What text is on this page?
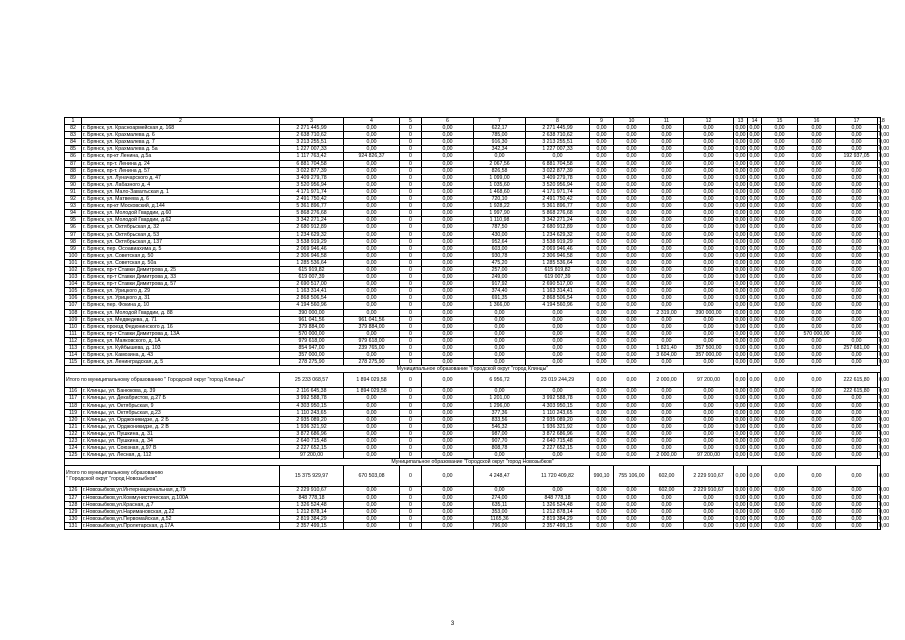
1	2	3	4	5	6	7	8	9	10	11	12	13	14	15	16	17	18
82	г. Брянск, ул. Красноармейская д. 168	2 271 445,99	0,00	0	0,00	622,17	2 271 445,99	0,00	0,00	0,00	0,00	0,00	0,00	0,00	0,00	0,00	0,00
83	г. Брянск, ул. Крахмалева д. 6	2 638 710,62	0,00	0	0,00	785,00	2 638 710,62	0,00	0,00	0,00	0,00	0,00	0,00	0,00	0,00	0,00	0,00
84	г. Брянск, ул. Крахмалева д. 7	3 213 255,51	0,00	0	0,00	916,30	3 213 255,51	0,00	0,00	0,00	0,00	0,00	0,00	0,00	0,00	0,00	0,00
85	г. Брянск, ул. Крахмалева д. 5а	1 227 007,33	0,00	0	0,00	342,34	1 227 007,33	0,00	0,00	0,00	0,00	0,00	0,00	0,00	0,00	0,00	0,00
86	г. Брянск, пр-кт Ленина, д.5а	1 117 763,42	924 826,37	0	0,00	0,00	0,00	0,00	0,00	0,00	0,00	0,00	0,00	0,00	0,00	192 937,05	0,00
87	г. Брянск, пр-т. Ленина д. 24	6 881 704,58	0,00	0	0,00	2 067,56	6 881 704,58	0,00	0,00	0,00	0,00	0,00	0,00	0,00	0,00	0,00	0,00
88	г. Брянск, пр-т. Ленина д. 57	3 022 877,39	0,00	0	0,00	826,58	3 022 877,39	0,00	0,00	0,00	0,00	0,00	0,00	0,00	0,00	0,00	0,00
89	г. Брянск, ул. Луначарского д. 47	3 409 279,78	0,00	0	0,00	1 099,00	3 409 279,78	0,00	0,00	0,00	0,00	0,00	0,00	0,00	0,00	0,00	0,00
90	г. Брянск, ул. Лабазного д. 4	3 520 956,94	0,00	0	0,00	1 035,60	3 520 956,94	0,00	0,00	0,00	0,00	0,00	0,00	0,00	0,00	0,00	0,00
91	г. Брянск, ул. Мало-Завалъская д. 1	4 171 971,74	0,00	0	0,00	1 468,60	4 171 971,74	0,00	0,00	0,00	0,00	0,00	0,00	0,00	0,00	0,00	0,00
92	г. Брянск, ул. Матвеева д. 6	2 491 750,42	0,00	0	0,00	720,10	2 491 750,42	0,00	0,00	0,00	0,00	0,00	0,00	0,00	0,00	0,00	0,00
93	г. Брянск, пр-кт Московский, д.144	5 361 896,77	0,00	0	0,00	1 928,22	5 361 896,77	0,00	0,00	0,00	0,00	0,00	0,00	0,00	0,00	0,00	0,00
94	г. Брянск, ул. Молодой Гвардии, д.60	5 868 276,68	0,00	0	0,00	1 997,90	5 868 276,68	0,00	0,00	0,00	0,00	0,00	0,00	0,00	0,00	0,00	0,00
95	г. Брянск, ул. Молодой Гвардии, д.62	3 342 271,24	0,00	0	0,00	1 110,98	3 342 271,24	0,00	0,00	0,00	0,00	0,00	0,00	0,00	0,00	0,00	0,00
96	г. Брянск, ул. Октябрьская д. 32	2 680 912,89	0,00	0	0,00	787,50	2 680 912,89	0,00	0,00	0,00	0,00	0,00	0,00	0,00	0,00	0,00	0,00
97	г. Брянск, ул. Октябрьская д. 53	1 234 629,32	0,00	0	0,00	430,00	1 234 629,32	0,00	0,00	0,00	0,00	0,00	0,00	0,00	0,00	0,00	0,00
98	г. Брянск, ул. Октябрьская д. 137	3 538 919,29	0,00	0	0,00	952,64	3 538 919,29	0,00	0,00	0,00	0,00	0,00	0,00	0,00	0,00	0,00	0,00
99	г. Брянск, пер. Осоавиахима д. 5	2 069 946,46	0,00	0	0,00	603,00	2 069 946,46	0,00	0,00	0,00	0,00	0,00	0,00	0,00	0,00	0,00	0,00
100	г. Брянск, ул. Советская д. 50	2 306 946,58	0,00	0	0,00	930,78	2 306 946,58	0,00	0,00	0,00	0,00	0,00	0,00	0,00	0,00	0,00	0,00
101	г. Брянск, ул. Советская д. 50а	1 285 536,64	0,00	0	0,00	475,20	1 285 536,64	0,00	0,00	0,00	0,00	0,00	0,00	0,00	0,00	0,00	0,00
102	г. Брянск, пр-т Ставки Димитрова д. 25	615 919,82	0,00	0	0,00	257,00	615 919,82	0,00	0,00	0,00	0,00	0,00	0,00	0,00	0,00	0,00	0,00
103	г. Брянск, пр-т Ставки Димитрова д. 33	619 007,39	0,00	0	0,00	249,00	619 007,39	0,00	0,00	0,00	0,00	0,00	0,00	0,00	0,00	0,00	0,00
104	г. Брянск, пр-т Ставки Димитрова д. 57	2 690 517,00	0,00	0	0,00	917,92	2 690 517,00	0,00	0,00	0,00	0,00	0,00	0,00	0,00	0,00	0,00	0,00
105	г. Брянск, ул. Урицкого д. 29	1 163 314,41	0,00	0	0,00	374,40	1 163 314,41	0,00	0,00	0,00	0,00	0,00	0,00	0,00	0,00	0,00	0,00
106	г. Брянск, ул. Урицкого д. 31	2 868 506,54	0,00	0	0,00	691,35	2 868 506,54	0,00	0,00	0,00	0,00	0,00	0,00	0,00	0,00	0,00	0,00
107	г. Брянск, пер. Фокина д. 10	4 194 560,96	0,00	0	0,00	1 366,00	4 194 560,96	0,00	0,00	0,00	0,00	0,00	0,00	0,00	0,00	0,00	0,00
108	г. Брянск, ул. Молодой Гвардии, д. 88	390 000,00	0,00	0	0,00	0,00	0,00	0,00	0,00	2 319,00	390 000,00	0,00	0,00	0,00	0,00	0,00	0,00
109	г. Брянск, ул. Медведева, д. 71	961 041,56	961 041,56	0	0,00	0,00	0,00	0,00	0,00	0,00	0,00	0,00	0,00	0,00	0,00	0,00	0,00
110	г. Брянск, проезд Федюнинского д. 16	379 884,00	379 884,00	0	0,00	0,00	0,00	0,00	0,00	0,00	0,00	0,00	0,00	0,00	0,00	0,00	0,00
111	г. Брянск, пр-т Ставки Димитрова д. 13А	570 000,00	0,00	0	0,00	0,00	0,00	0,00	0,00	0,00	0,00	0,00	0,00	0,00	570 000,00	0,00	0,00
112	г. Брянск, ул. Маяковского, д. 1А	979 618,00	979 618,00	0	0,00	0,00	0,00	0,00	0,00	0,00	0,00	0,00	0,00	0,00	0,00	0,00	0,00
113	г. Брянск, ул. Куйбышева, д. 103	854 947,00	239 765,00	0	0,00	0,00	0,00	0,00	0,00	1 821,40	357 500,00	0,00	0,00	0,00	0,00	257 681,00	0,00
114	г. Брянск, ул. Камозина, д. 43	357 000,00	0,00	0	0,00	0,00	0,00	0,00	0,00	3 604,00	357 000,00	0,00	0,00	0,00	0,00	0,00	0,00
115	г. Брянск, ул. Ленинградская, д. 5	278 275,90	278 275,90	0	0,00	0,00	0,00	0,00	0,00	0,00	0,00	0,00	0,00	0,00	0,00	0,00	0,00
Муниципальное образование "Городской округ "город Клинцы"																	
Итого по муниципальному образованию " Городской округ "город Клинцы"		25 233 068,57	1 894 029,58	0	0,00	6 956,72	23 019 244,29	0,00	0,00	2 000,00	97 200,00	0,00	0,00	0,00	0,00	222 615,80	0,00
116	г. Клинцы, ул. Банюкова, д. 39	2 116 645,38	1 894 029,58	0	0,00	0,00	0,00	0,00	0,00	0,00	0,00	0,00	0,00	0,00	0,00	222 615,80	0,00
117	г. Клинцы, ул. Декабристов, д.27 Б	3 992 588,78	0,00	0	0,00	1 201,00	3 992 588,78	0,00	0,00	0,00	0,00	0,00	0,00	0,00	0,00	0,00	0,00
118	г. Клинцы, ул. Октябрьская, 9	4 303 950,15	0,00	0	0,00	1 296,00	4 303 950,15	0,00	0,00	0,00	0,00	0,00	0,00	0,00	0,00	0,00	0,00
119	г. Клинцы, ул. Октябрьская, д.23	1 110 243,65	0,00	0	0,00	377,36	1 110 243,65	0,00	0,00	0,00	0,00	0,00	0,00	0,00	0,00	0,00	0,00
120	г. Клинцы, ул. Орджоникидзе, д. 2 Б	2 935 089,20	0,00	0	0,00	833,56	2 935 089,20	0,00	0,00	0,00	0,00	0,00	0,00	0,00	0,00	0,00	0,00
121	г. Клинцы, ул. Орджоникидзе, д. 2 В	1 936 321,92	0,00	0	0,00	546,32	1 936 321,92	0,00	0,00	0,00	0,00	0,00	0,00	0,00	0,00	0,00	0,00
122	г. Клинцы, ул. Пушкина, д. 31	3 872 686,96	0,00	0	0,00	987,00	3 872 686,96	0,00	0,00	0,00	0,00	0,00	0,00	0,00	0,00	0,00	0,00
123	г. Клинцы, ул. Пушкина, д. 34	2 640 715,48	0,00	0	0,00	907,70	2 640 715,48	0,00	0,00	0,00	0,00	0,00	0,00	0,00	0,00	0,00	0,00
124	г. Клинцы, ул. Союзная, д.97 В	2 227 652,15	0,00	0	0,00	808,78	2 227 652,15	0,00	0,00	0,00	0,00	0,00	0,00	0,00	0,00	0,00	0,00
125	г. Клинцы, ул. Лесная, д. 112	97 200,00	0,00	0	0,00	0,00	0,00	0,00	0,00	2 000,00	97 200,00	0,00	0,00	0,00	0,00	0,00	0,00
Муниципальное образование "Городской округ "город Новозыбков"																	

Итого по муниципальному образованию
" Городской округ "город Новозыбков"		15 375 929,97	670 503,08	0	0,00	4 248,47	11 720 409,82	990,10	755 106,00	602,00	2 229 910,67	0,00	0,00	0,00	0,00	0,00	0,00
126	г.Новозыбков,ул.Интернациональная, д.79	2 229 910,67	0,00	0	0,00	0,00	0,00	0,00	0,00	602,00	2 229 910,67	0,00	0,00	0,00	0,00	0,00	0,00
127	г.Новозыбков,ул.Коммунистическая, д.100А	848 778,18	0,00	0	0,00	274,00	848 778,18	0,00	0,00	0,00	0,00	0,00	0,00	0,00	0,00	0,00	0,00
128	г.Новозыбков,ул.Красная, д.7	1 326 524,48	0,00	0	0,00	635,11	1 326 524,48	0,00	0,00	0,00	0,00	0,00	0,00	0,00	0,00	0,00	0,00
129	г.Новозыбков,ул.Наримановская, д.22	1 212 878,14	0,00	0	0,00	353,00	1 212 878,14	0,00	0,00	0,00	0,00	0,00	0,00	0,00	0,00	0,00	0,00
130	г.Новозыбков,ул.Первомайская, д.52	2 819 384,29	0,00	0	0,00	1165,36	2 819 384,29	0,00	0,00	0,00	0,00	0,00	0,00	0,00	0,00	0,00	0,00
131	г.Новозыбков,ул.Пролетарская, д.17А	2 357 499,15	0,00	0	0,00	796,00	2 357 499,15	0,00	0,00	0,00	0,00	0,00	0,00	0,00	0,00	0,00	0,00
3
